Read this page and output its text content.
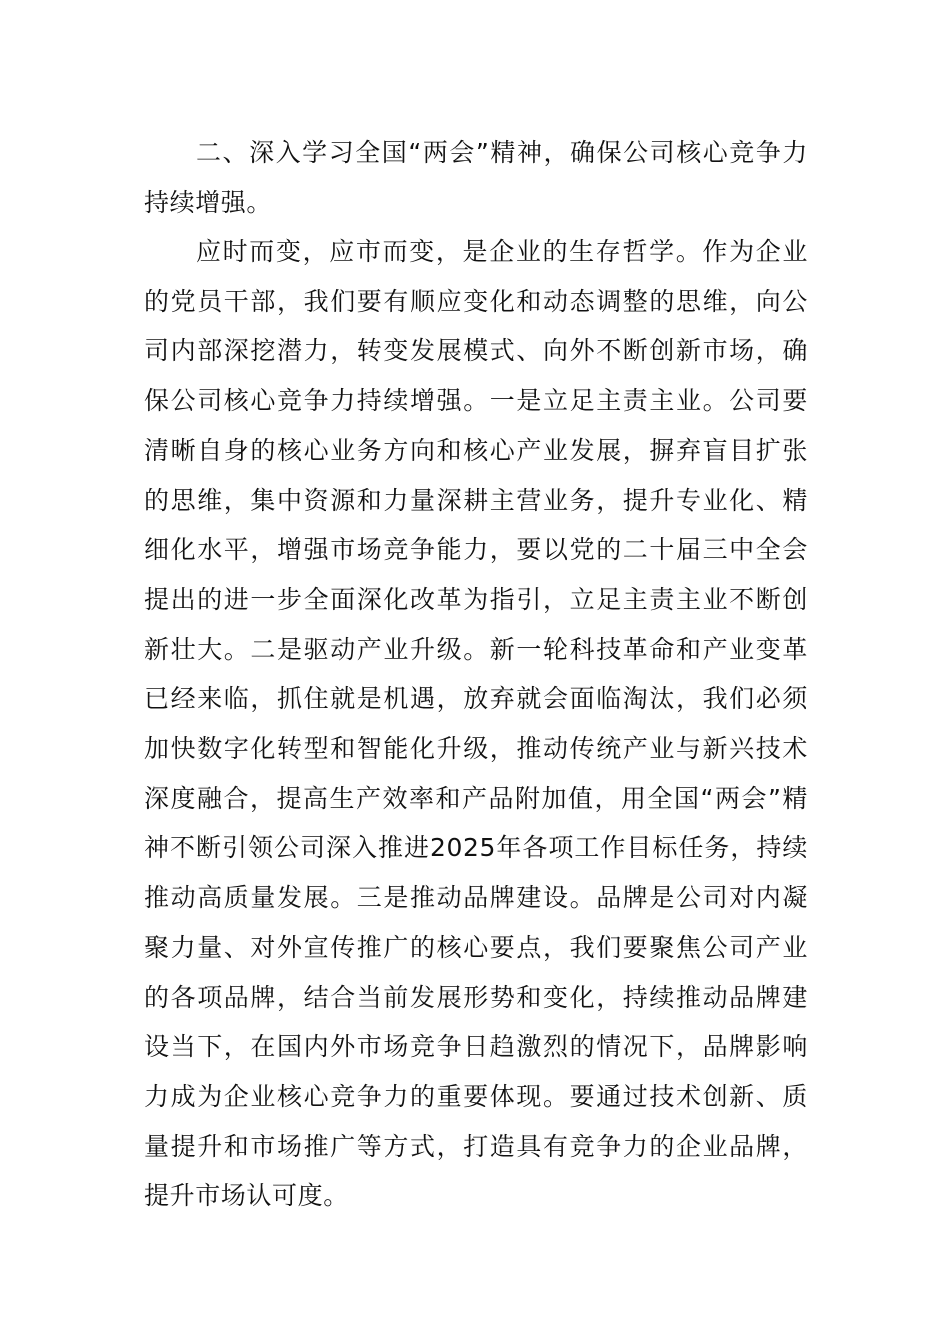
二、深入学习全国“两会”精神，确保公司核心竞争力持续增强。

应时而变，应市而变，是企业的生存哲学。作为企业的党员干部，我们要有顺应变化和动态调整的思维，向公司内部深挖潜力，转变发展模式、向外不断创新市场，确保公司核心竞争力持续增强。一是立足主责主业。公司要清晰自身的核心业务方向和核心产业发展，摒弃盲目扩张的思维，集中资源和力量深耕主营业务，提升专业化、精细化水平，增强市场竞争能力，要以党的二十届三中全会提出的进一步全面深化改革为指引，立足主责主业不断创新壮大。二是驱动产业升级。新一轮科技革命和产业变革已经来临，抓住就是机遇，放弃就会面临淘汰，我们必须加快数字化转型和智能化升级，推动传统产业与新兴技术深度融合，提高生产效率和产品附加值，用全国“两会”精神不断引领公司深入推进2025年各项工作目标任务，持续推动高质量发展。三是推动品牌建设。品牌是公司对内凝聚力量、对外宣传推广的核心要点，我们要聚焦公司产业的各项品牌，结合当前发展形势和变化，持续推动品牌建设当下，在国内外市场竞争日趋激烈的情况下，品牌影响力成为企业核心竞争力的重要体现。要通过技术创新、质量提升和市场推广等方式，打造具有竞争力的企业品牌，提升市场认可度。
